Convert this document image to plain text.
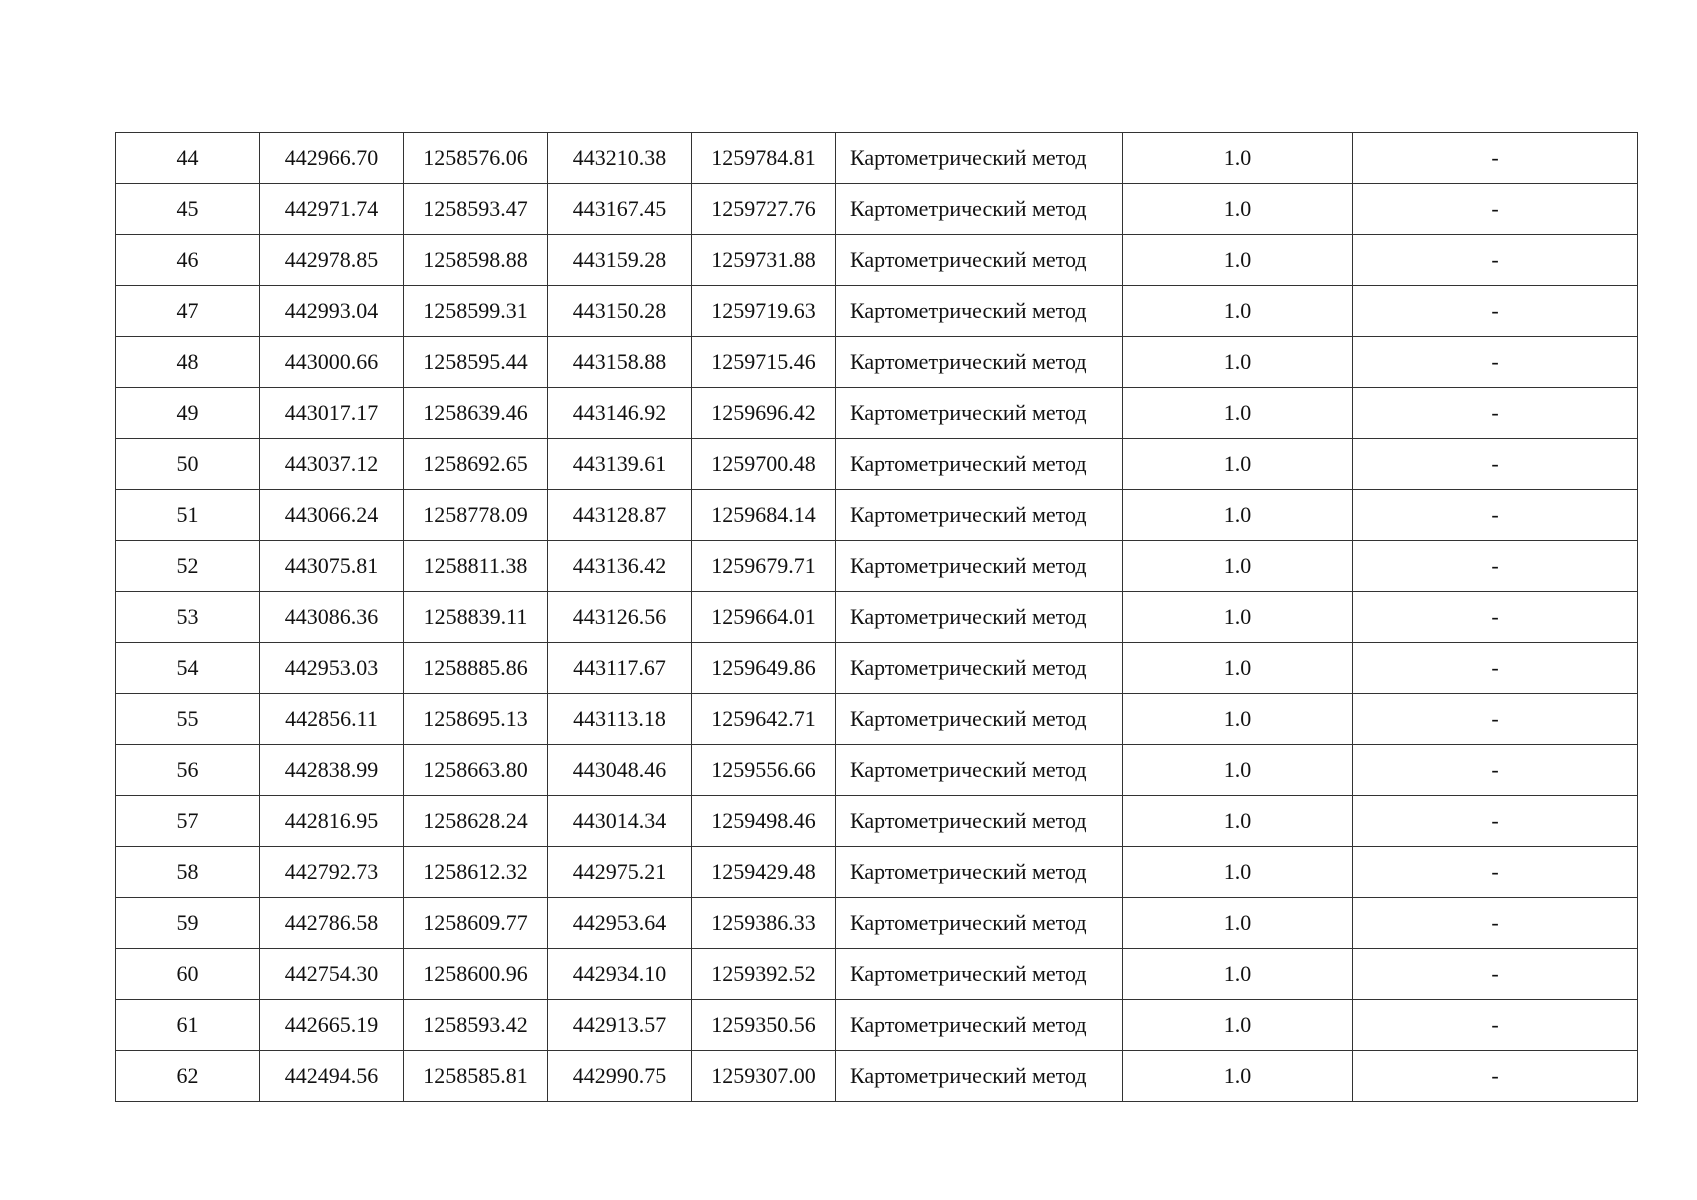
44	442966.70	1258576.06	443210.38	1259784.81	Картометрический метод	1.0	-
45	442971.74	1258593.47	443167.45	1259727.76	Картометрический метод	1.0	-
46	442978.85	1258598.88	443159.28	1259731.88	Картометрический метод	1.0	-
47	442993.04	1258599.31	443150.28	1259719.63	Картометрический метод	1.0	-
48	443000.66	1258595.44	443158.88	1259715.46	Картометрический метод	1.0	-
49	443017.17	1258639.46	443146.92	1259696.42	Картометрический метод	1.0	-
50	443037.12	1258692.65	443139.61	1259700.48	Картометрический метод	1.0	-
51	443066.24	1258778.09	443128.87	1259684.14	Картометрический метод	1.0	-
52	443075.81	1258811.38	443136.42	1259679.71	Картометрический метод	1.0	-
53	443086.36	1258839.11	443126.56	1259664.01	Картометрический метод	1.0	-
54	442953.03	1258885.86	443117.67	1259649.86	Картометрический метод	1.0	-
55	442856.11	1258695.13	443113.18	1259642.71	Картометрический метод	1.0	-
56	442838.99	1258663.80	443048.46	1259556.66	Картометрический метод	1.0	-
57	442816.95	1258628.24	443014.34	1259498.46	Картометрический метод	1.0	-
58	442792.73	1258612.32	442975.21	1259429.48	Картометрический метод	1.0	-
59	442786.58	1258609.77	442953.64	1259386.33	Картометрический метод	1.0	-
60	442754.30	1258600.96	442934.10	1259392.52	Картометрический метод	1.0	-
61	442665.19	1258593.42	442913.57	1259350.56	Картометрический метод	1.0	-
62	442494.56	1258585.81	442990.75	1259307.00	Картометрический метод	1.0	-
